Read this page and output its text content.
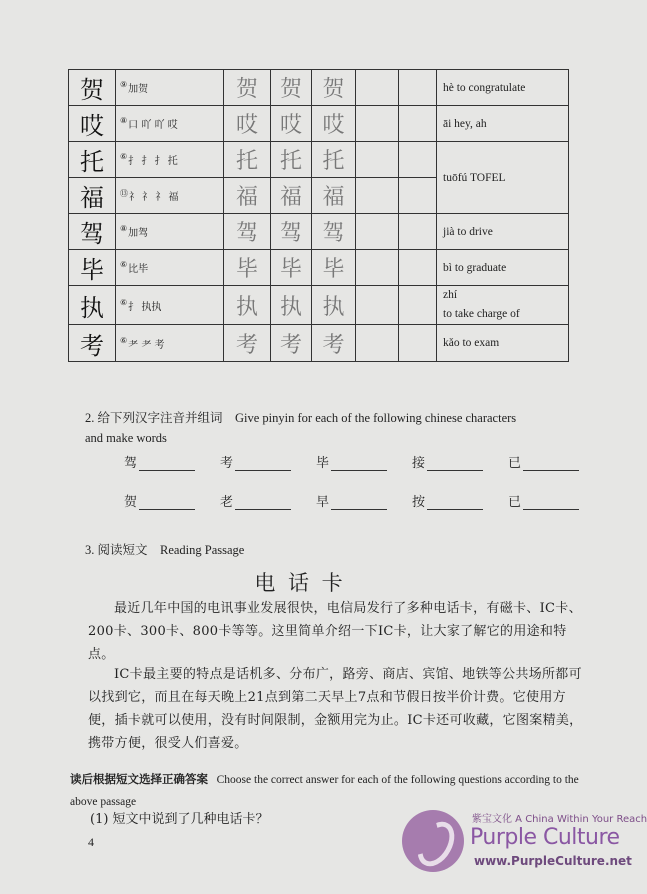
贺	⑨加贺	贺	贺	贺			hè to congratulate
哎	⑧口 吖 吖 哎	哎	哎	哎			āi hey, ah
托	⑥扌 扌 扌 托	托	托	托			tuōfú TOFEL
福	⑬礻 礻 礻 福	福	福	福			
驾	⑧加驾	驾	驾	驾			jià to drive
毕	⑥比毕	毕	毕	毕			bì to graduate
执	⑥扌 执执	执	执	执			zhí
to take charge of

考	⑥耂 耂 考	考	考	考			kǎo to exam
2. 给下列汉字注音并组词　Give pinyin for each of the following chinese characters
and make words
驾	考	毕	接	已
贺	老	早	按	已
3. 阅读短文　Reading Passage
电 话 卡
最近几年中国的电讯事业发展很快，电信局发行了多种电话卡，有磁卡、IC卡、200卡、300卡、800卡等等。这里简单介绍一下IC卡，让大家了解它的用途和特点。
IC卡最主要的特点是话机多、分布广，路旁、商店、宾馆、地铁等公共场所都可以找到它，而且在每天晚上21点到第二天早上7点和节假日按半价计费。它使用方便，插卡就可以使用，没有时间限制，金额用完为止。IC卡还可收藏，它图案精美，携带方便，很受人们喜爱。
读后根据短文选择正确答案 Choose the correct answer for each of the following questions according to the above passage
(1) 短文中说到了几种电话卡？
4
紫宝文化 A China Within Your Reach
Purple Culture
www.PurpleCulture.net
